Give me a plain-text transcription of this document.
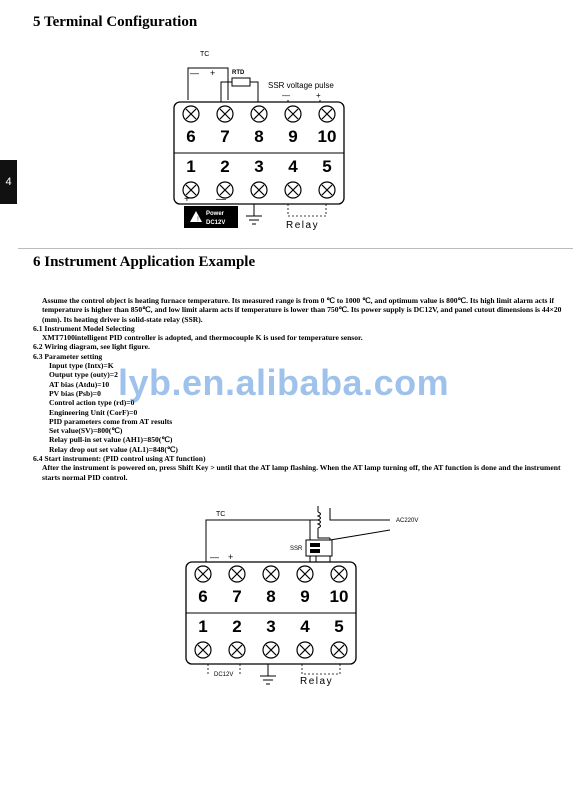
4
5 Terminal Configuration
TC
— +	RTD
SSR voltage pulse
—	+
6 7 8 9 10
1 2 3 4 5
+	—
!
Power
DC12V	Relay
6 Instrument Application Example

Assume the control object is heating furnace temperature. Its measured range is from 0 ℃ to 1000 ℃, and optimum value is 800℃. Its high limit alarm acts if temperature is higher than 850℃, and low limit alarm acts if temperature is lower than 750℃. Its power supply is DC12V, and panel cutout dimensions is 44×20 (mm). Its heating driver is solid-state relay (SSR).

6.1 Instrument Model Selecting

XMT7100intelligent PID controller is adopted, and thermocouple K is used for temperature sensor.

6.2 Wiring diagram, see light figure.

6.3 Parameter setting

Input type (Intx)=K

Output type (outy)=2

AT bias (Atdu)=10

PV bias (Psb)=0

Control action type (rd)=0

Engineering Unit (CorF)=0

PID parameters come from AT results

Set value(SV)=800(℃)

Relay pull-in set value (AH1)=850(℃)

Relay drop out set value (AL1)=848(℃)

6.4 Start instrument: (PID control using AT function)

After the instrument is powered on, press Shift Key > until that the AT lamp flashing. When the AT lamp turning off, the AT function is done and the instrument starts normal PID control.

lyb.en.alibaba.com
TC
— +
AC220V
SSR
6 7 8 9 10
1 2 3 4 5
DC12V
Relay
